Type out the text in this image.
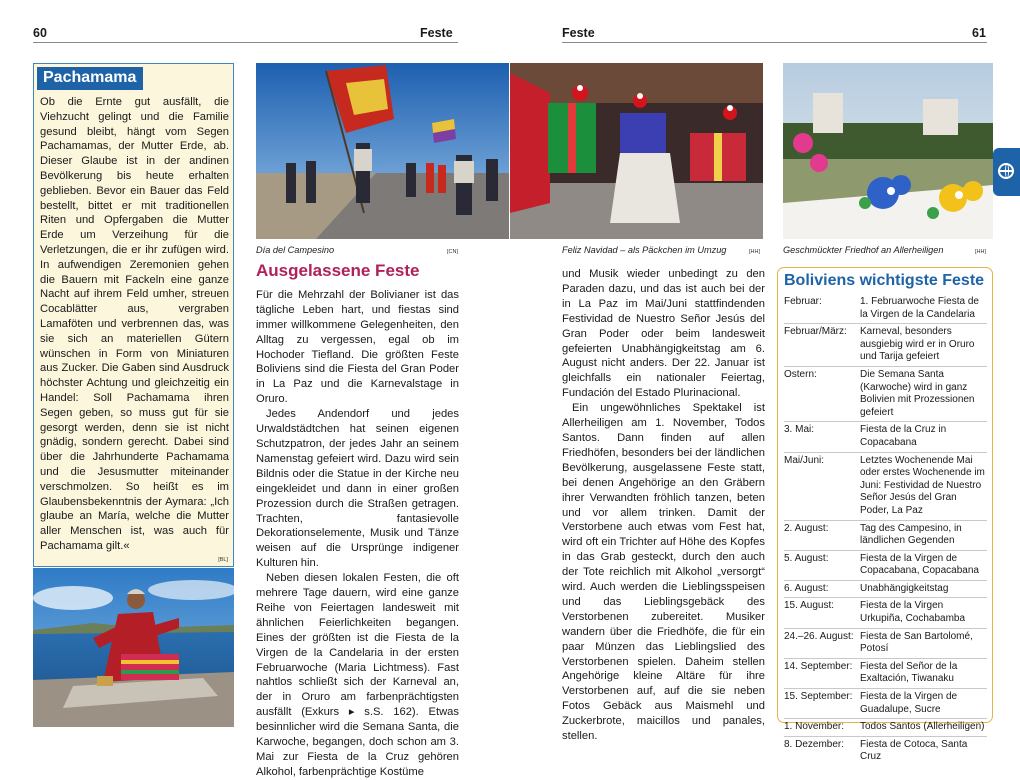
60	Feste	Feste	61
Pachamama
Ob die Ernte gut ausfällt, die Viehzucht gelingt und die Familie gesund bleibt, hängt vom Segen Pachamamas, der Mutter Erde, ab. Dieser Glaube ist in der andinen Bevölkerung bis heute erhalten geblieben. Bevor ein Bauer das Feld bestellt, bittet er mit traditionellen Riten und Opfergaben die Mutter Erde um Verzeihung für die Verletzungen, die er ihr zufügen wird. In aufwendigen Zeremonien gehen die Bauern mit Fackeln eine ganze Nacht auf ihrem Feld umher, streuen Cocablätter aus, vergraben Lamaföten und verbrennen das, was sie sich an materiellen Gütern wünschen in Form von Miniaturen aus Zucker. Die Gaben sind Ausdruck höchster Achtung und gleichzeitig ein Handel: Soll Pachamama ihren Segen geben, so muss gut für sie gesorgt werden, denn sie ist nicht gnädig, sondern gerecht. Dabei sind über die Jahrhunderte Pachamama und die Jesusmutter miteinander verschmolzen. So heißt es im Glaubensbekenntnis der Aymara: „Ich glaube an María, welche die Mutter aller Menschen ist, was auch für Pachamama gilt.«
[BL]
Día del Campesino	[CN]	Feliz Navidad – als Päckchen im Umzug	[HH]	Geschmückter Friedhof an Allerheiligen	[HH]
Ausgelassene Feste

Für die Mehrzahl der Bolivianer ist das tägliche Leben hart, und fiestas sind immer willkommene Gelegenheiten, den Alltag zu vergessen, egal ob im Hochoder Tiefland. Die größten Feste Boliviens sind die Fiesta del Gran Poder in La Paz und die Karnevalstage in Oruro.

Jedes Andendorf und jedes Urwaldstädtchen hat seinen eigenen Schutzpatron, der jedes Jahr an seinem Namenstag gefeiert wird. Dazu wird sein Bildnis oder die Statue in der Kirche neu eingekleidet und dann in einer großen Prozession durch die Straßen getragen. Trachten, fantasievolle Dekorationselemente, Musik und Tänze weisen auf die Ursprünge indigener Kulturen hin.

Neben diesen lokalen Festen, die oft mehrere Tage dauern, wird eine ganze Reihe von Feiertagen landesweit mit ähnlichen Feierlichkeiten begangen. Eines der größten ist die Fiesta de la Virgen de la Candelaria in der ersten Februarwoche (Maria Lichtmess). Fast nahtlos schließt sich der Karneval an, der in Oruro am farbenprächtigsten ausfällt (Exkurs ▸ s.S. 162). Etwas besinnlicher wird die Semana Santa, die Karwoche, begangen, doch schon am 3. Mai zur Fiesta de la Cruz gehören Alkohol, farbenprächtige Kostüme

und Musik wieder unbedingt zu den Paraden dazu, und das ist auch bei der in La Paz im Mai/Juni stattfindenden Festividad de Nuestro Señor Jesús del Gran Poder oder beim landesweit gefeierten Unabhängigkeitstag am 6. August nicht anders. Der 22. Januar ist gleichfalls ein nationaler Feiertag, Fundación del Estado Plurinacional.

Ein ungewöhnliches Spektakel ist Allerheiligen am 1. November, Todos Santos. Dann finden auf allen Friedhöfen, besonders bei der ländlichen Bevölkerung, ausgelassene Feste statt, bei denen Angehörige an den Gräbern ihrer Verwandten fröhlich tanzen, beten und vor allem trinken. Damit der Verstorbene auch etwas vom Fest hat, wird oft ein Trichter auf Höhe des Kopfes in das Grab gesteckt, durch den auch der Tote reichlich mit Alkohol „versorgt“ wird. Auch werden die Lieblingsspeisen und das Lieblingsgebäck des Verstorbenen zubereitet. Musiker wandern über die Friedhöfe, die für ein paar Münzen das Lieblingslied des Verstorbenen spielen. Daheim stellen Angehörige kleine Altäre für ihre Verstorbenen auf, auf die sie neben Fotos Gebäck aus Maismehl und Zuckerbrote, maicillos und panales, stellen.

Boliviens wichtigste Feste
Februar:	1. Februarwoche Fiesta de la Virgen de la Candelaria
Februar/März:	Karneval, besonders ausgiebig wird er in Oruro und Tarija gefeiert
Ostern:	Die Semana Santa (Karwoche) wird in ganz Bolivien mit Prozessionen gefeiert
3. Mai:	Fiesta de la Cruz in Copacabana
Mai/Juni:	Letztes Wochenende Mai oder erstes Wochenende im Juni: Festividad de Nuestro Señor Jesús del Gran Poder, La Paz
2. August:	Tag des Campesino, in ländlichen Gegenden
5. August:	Fiesta de la Virgen de Copacabana, Copacabana
6. August:	Unabhängigkeitstag
15. August:	Fiesta de la Virgen Urkupiña, Cochabamba
24.–26. August: Fiesta de San Bartolomé, Potosí
14. September: Fiesta del Señor de la Exaltación, Tiwanaku
15. September: Fiesta de la Virgen de Guadalupe, Sucre
1. November:	Todos Santos (Allerheiligen)
8. Dezember:	Fiesta de Cotoca, Santa Cruz
